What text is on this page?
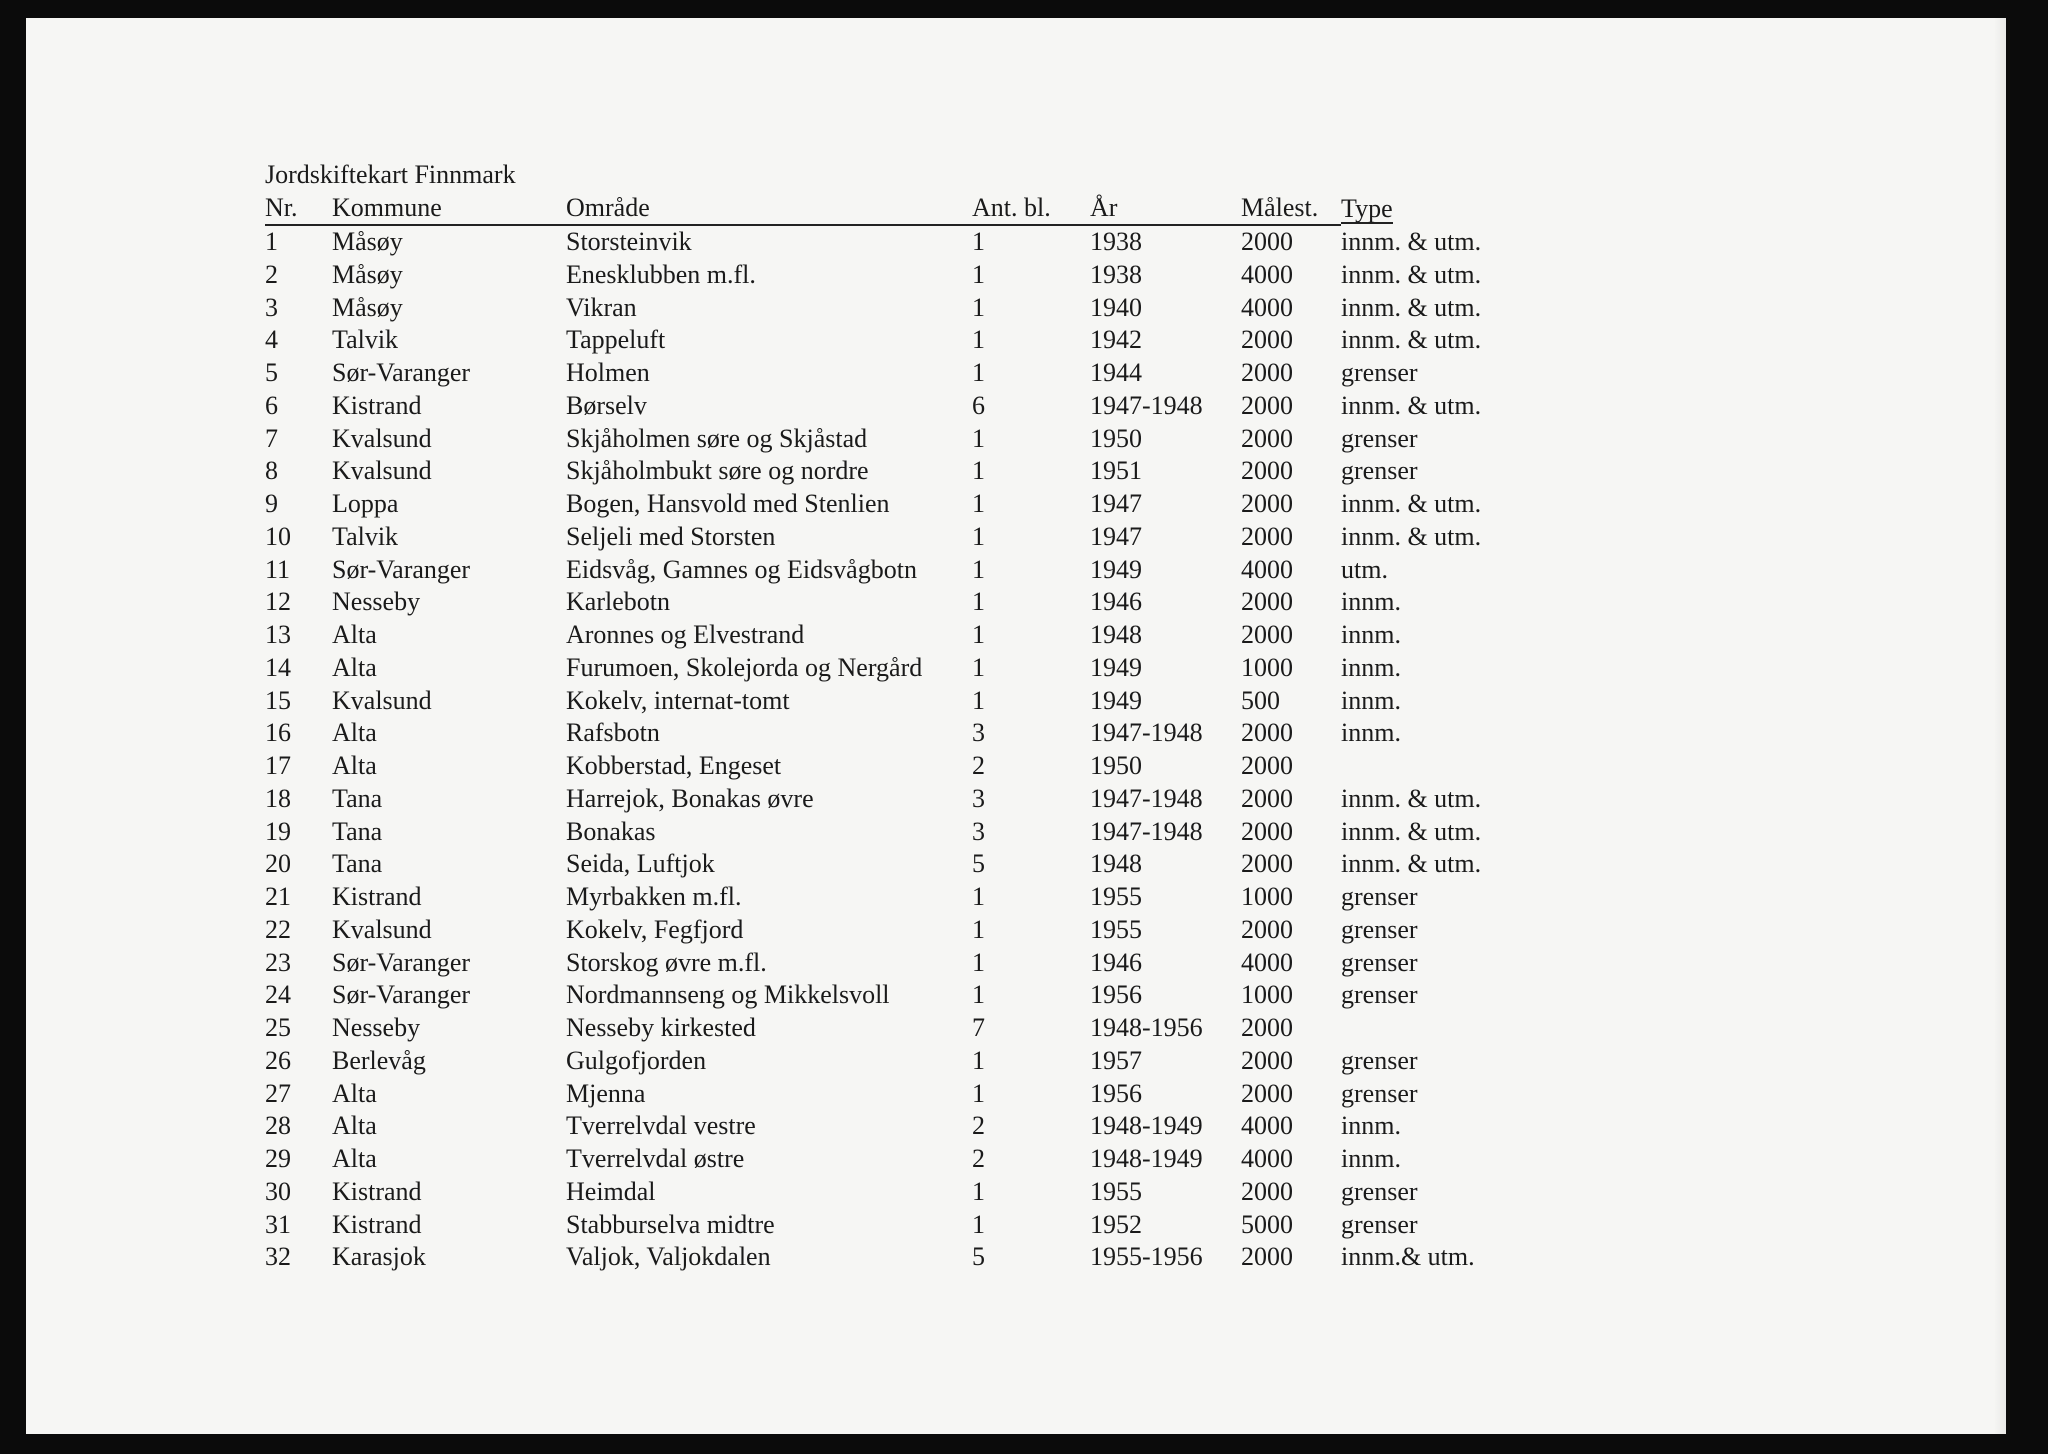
Jordskiftekart Finnmark
Nr.	Kommune	Område	Ant. bl.	År	Målest.	Type
1	Måsøy	Storsteinvik	1	1938	2000	innm. & utm.
2	Måsøy	Enesklubben m.fl.	1	1938	4000	innm. & utm.
3	Måsøy	Vikran	1	1940	4000	innm. & utm.
4	Talvik	Tappeluft	1	1942	2000	innm. & utm.
5	Sør-Varanger	Holmen	1	1944	2000	grenser
6	Kistrand	Børselv	6	1947-1948	2000	innm. & utm.
7	Kvalsund	Skjåholmen søre og Skjåstad	1	1950	2000	grenser
8	Kvalsund	Skjåholmbukt søre og nordre	1	1951	2000	grenser
9	Loppa	Bogen, Hansvold med Stenlien	1	1947	2000	innm. & utm.
10	Talvik	Seljeli med Storsten	1	1947	2000	innm. & utm.
11	Sør-Varanger	Eidsvåg, Gamnes og Eidsvågbotn	1	1949	4000	utm.
12	Nesseby	Karlebotn	1	1946	2000	innm.
13	Alta	Aronnes og Elvestrand	1	1948	2000	innm.
14	Alta	Furumoen, Skolejorda og Nergård	1	1949	1000	innm.
15	Kvalsund	Kokelv, internat-tomt	1	1949	500	innm.
16	Alta	Rafsbotn	3	1947-1948	2000	innm.
17	Alta	Kobberstad, Engeset	2	1950	2000	
18	Tana	Harrejok, Bonakas øvre	3	1947-1948	2000	innm. & utm.
19	Tana	Bonakas	3	1947-1948	2000	innm. & utm.
20	Tana	Seida, Luftjok	5	1948	2000	innm. & utm.
21	Kistrand	Myrbakken m.fl.	1	1955	1000	grenser
22	Kvalsund	Kokelv, Fegfjord	1	1955	2000	grenser
23	Sør-Varanger	Storskog øvre m.fl.	1	1946	4000	grenser
24	Sør-Varanger	Nordmannseng og Mikkelsvoll	1	1956	1000	grenser
25	Nesseby	Nesseby kirkested	7	1948-1956	2000	
26	Berlevåg	Gulgofjorden	1	1957	2000	grenser
27	Alta	Mjenna	1	1956	2000	grenser
28	Alta	Tverrelvdal vestre	2	1948-1949	4000	innm.
29	Alta	Tverrelvdal østre	2	1948-1949	4000	innm.
30	Kistrand	Heimdal	1	1955	2000	grenser
31	Kistrand	Stabburselva midtre	1	1952	5000	grenser
32	Karasjok	Valjok, Valjokdalen	5	1955-1956	2000	innm.& utm.
